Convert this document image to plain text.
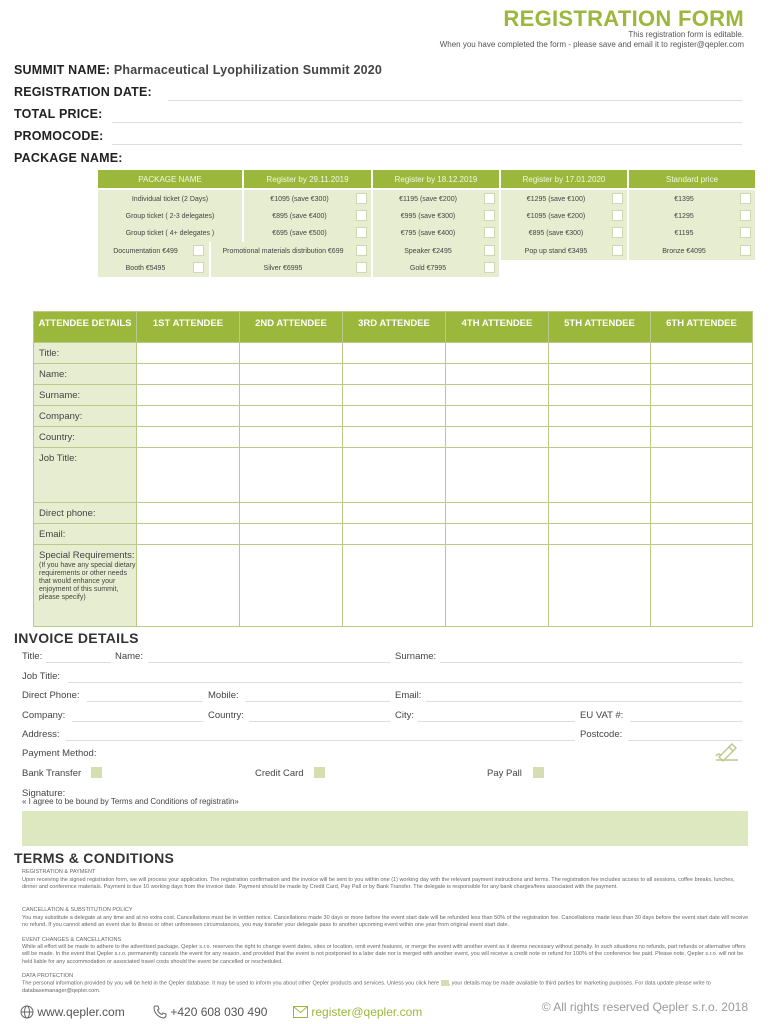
REGISTRATION FORM
This registration form is editable.
When you have completed the form - please save and email it to register@qepler.com
SUMMIT NAME: Pharmaceutical Lyophilization Summit 2020
REGISTRATION DATE:
TOTAL PRICE:
PROMOCODE:
PACKAGE NAME:
PACKAGE NAME	Register by 29.11.2019	Register by 18.12.2019	Register by 17.01.2020	Standard price
Individual ticket (2 Days)	€1095 (save €300)	€1195 (save €200)	€1295 (save €100)	€1395
Group ticket ( 2-3 delegates)	€895 (save €400)	€995 (save €300)	€1095 (save €200)	€1295
Group ticket ( 4+ delegates )	€695 (save €500)	€795 (save €400)	€895 (save €300)	€1195
Documentation €499	Promotional materials distribution €699	Speaker €2495	Pop up stand €3495	Bronze €4095
Booth €5495	Silver €6995	Gold €7995
ATTENDEE DETAILS	1ST ATTENDEE	2ND ATTENDEE	3RD ATTENDEE	4TH ATTENDEE	5TH ATTENDEE	6TH ATTENDEE
Title:						
Name:						
Surname:						
Company:						
Country:						
Job Title:						
Direct phone:						
Email:						
Special Requirements:
(If you have any special dietary requirements or other needs that would enhance your enjoyment of this summit, please specify)						

INVOICE DETAILS
Title:	Name:	Surname:
Job Title:
Direct Phone:	Mobile:	Email:
Company:	Country:	City:	EU VAT #:
Address:	Postcode:
Payment Method:
Bank Transfer	Credit Card	Pay Pall
Signature:
« I agree to be bound by Terms and Conditions of registratin»
TERMS & CONDITIONS
REGISTRATION & PAYMENT
Upon receiving the signed registration form, we will process your application. The registration confirmation and the invoice will be sent to you within one (1) working day with the relevant payment instructions and terms. The registration fee includes access to all sessions, coffee breaks, lunches, dinner and conference materials. Payment is due 10 working days from the invoice date. Payment should be made by Credit Card, Pay Pall or by Bank Transfer. The delegate is responsible for any bank charges/fees associated with the payment.
CANCELLATION & SUBSTITUTION POLICY
You may substitute a delegate at any time and at no extra cost. Cancellations must be in written notice. Cancellations made 30 days or more before the event start date will be refunded less than 50% of the registration fee. Cancellations made less than 30 days before the event start date will receive no refund. If you cannot attend an event due to illness or other unforeseen circumstances, you may transfer your delegate pass to another upcoming event within one year from original event start date.
EVENT CHANGES & CANCELLATIONS
While all effort will be made to adhere to the advertised package, Qepler s.r.o. reserves the right to change event dates, sites or location, omit event features, or merge the event with another event as it deems necessary without penalty. In such situations no refunds, part refunds or alternative offers will be made. In the event that Qepler s.r.o. permanently cancels the event for any reason, and provided that the event is not postponed to a later date nor is merged with another event, you will receive a credit note or refund for 100% of the conference fee paid. Please note, Qepler s.r.o. will not be held liable for any accommodation or associated travel costs should the event be cancelled or rescheduled.
DATA PROTECTION
The personal information provided by you will be held in the Qepler database. It may be used to inform you about other Qepler products and services. Unless you click here , your details may be made available to third parties for marketing purposes. For data update please write to databasemanager@qepler.com.
www.qepler.com	+420 608 030 490	register@qepler.com	© All rights reserved Qepler s.r.o. 2018
